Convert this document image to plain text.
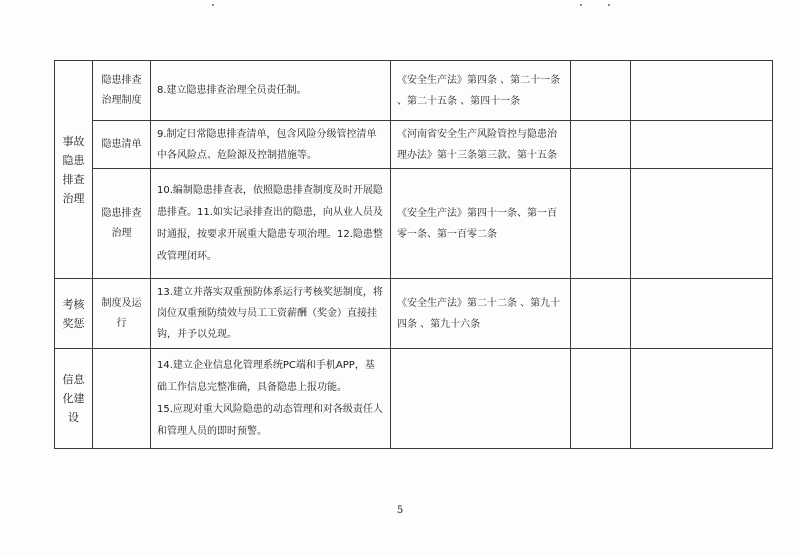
事故隐患排查治理	隐患排查治理制度	8.建立隐患排查治理全员责任制。	《安全生产法》第四条 、第二十一条 、第二十五条 、第四十一条		
	隐患清单	9.制定日常隐患排查清单，包含风险分级管控清单中各风险点、危险源及控制措施等。	《河南省安全生产风险管控与隐患治理办法》第十三条第三款、第十五条		
	隐患排查治理	10.编制隐患排查表，依照隐患排查制度及时开展隐患排查。11.如实记录排查出的隐患，向从业人员及时通报，按要求开展重大隐患专项治理。12.隐患整改管理闭环。	《安全生产法》第四十一条、第一百零一条、第一百零二条		
考核奖惩	制度及运行	13.建立并落实双重预防体系运行考核奖惩制度，将岗位双重预防绩效与员工工资薪酬（奖金）直接挂钩，并予以兑现。	《安全生产法》第二十二条 、第九十四条 、第九十六条		
信息化建设		14.建立企业信息化管理系统PC端和手机APP，基础工作信息完整准确，具备隐患上报功能。
15.应现对重大风险隐患的动态管理和对各级责任人和管理人员的即时预警。			

5
